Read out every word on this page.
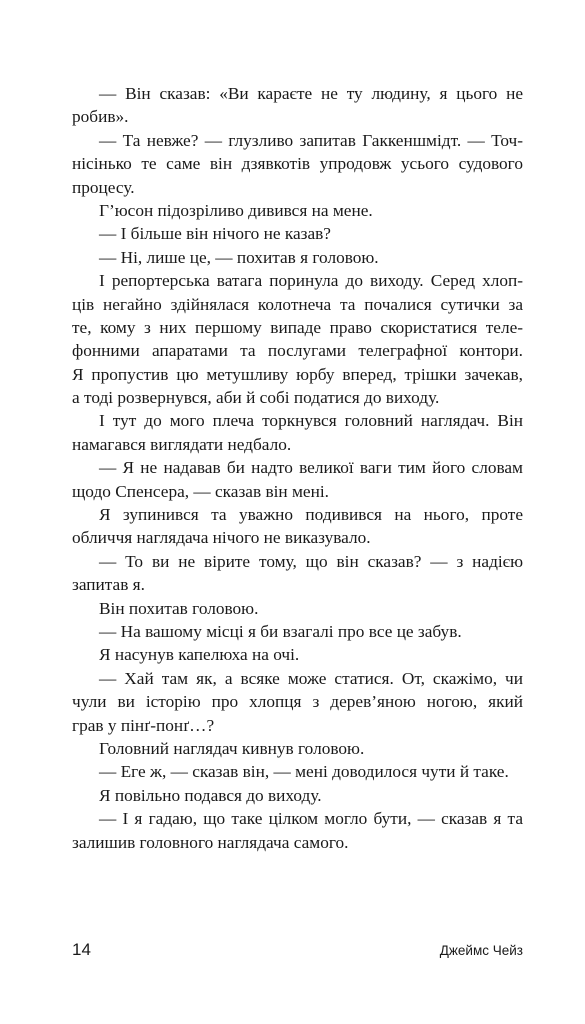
— Він сказав: «Ви караєте не ту людину, я цього не
робив».
— Та невже? — глузливо запитав Гаккеншмідт. — Точ-
нісінько те саме він дзявкотів упродовж усього судового
процесу.
Г’юсон підозріливо дивився на мене.
— І більше він нічого не казав?
— Ні, лише це, — похитав я головою.
І репортерська ватага поринула до виходу. Серед хлоп-
ців негайно здійнялася колотнеча та почалися сутички за
те, кому з них першому випаде право скористатися теле-
фонними апаратами та послугами телеграфної контори.
Я пропустив цю метушливу юрбу вперед, трішки зачекав,
а тоді розвернувся, аби й собі податися до виходу.
І тут до мого плеча торкнувся головний наглядач. Він
намагався виглядати недбало.
— Я не надавав би надто великої ваги тим його словам
щодо Спенсера, — сказав він мені.
Я зупинився та уважно подивився на нього, проте
обличчя наглядача нічого не виказувало.
— То ви не вірите тому, що він сказав? — з надією
запитав я.
Він похитав головою.
— На вашому місці я би взагалі про все це забув.
Я насунув капелюха на очі.
— Хай там як, а всяке може статися. От, скажімо, чи
чули ви історію про хлопця з дерев’яною ногою, який
грав у пінґ-понґ…?
Головний наглядач кивнув головою.
— Еге ж, — сказав він, — мені доводилося чути й таке.
Я повільно подався до виходу.
— І я гадаю, що таке цілком могло бути, — сказав я та
залишив головного наглядача самого.
14	Джеймс Чейз
